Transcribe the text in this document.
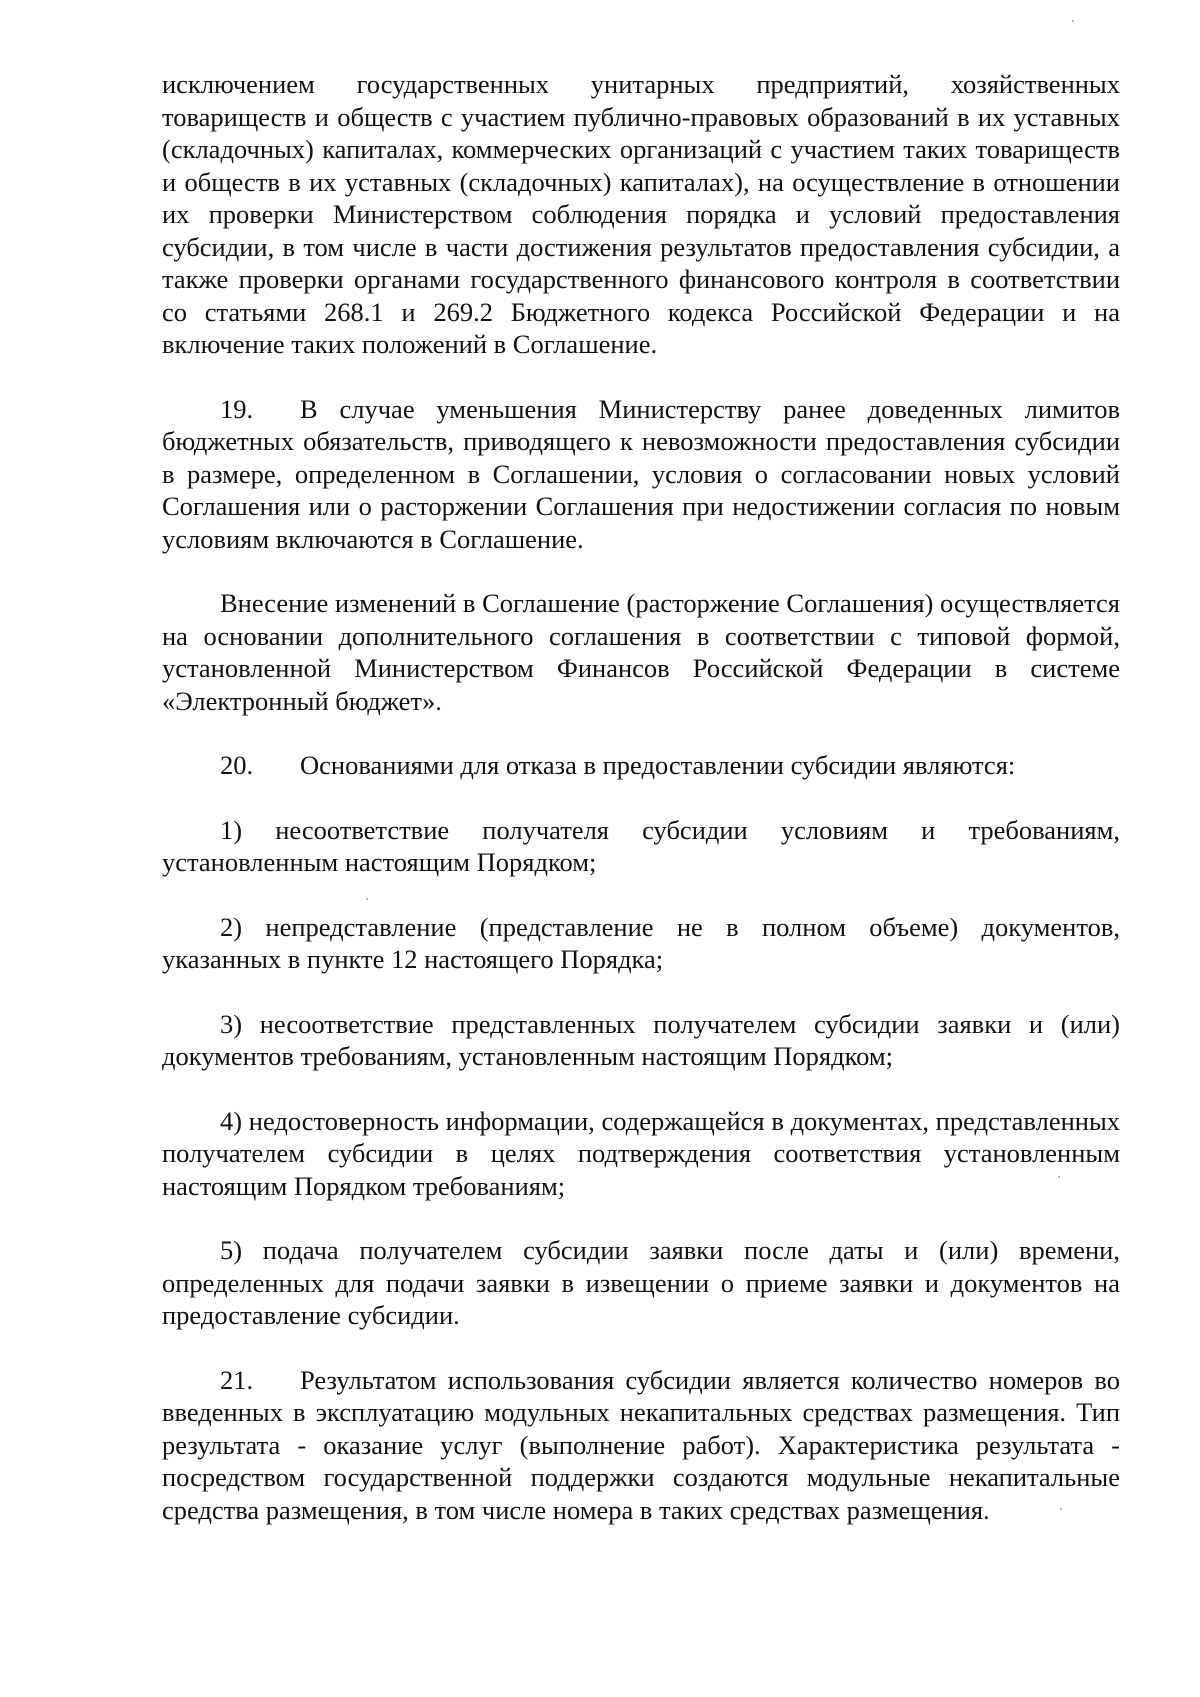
исключением государственных унитарных предприятий, хозяйственных товариществ и обществ с участием публично-правовых образований в их уставных (складочных) капиталах, коммерческих организаций с участием таких товариществ и обществ в их уставных (складочных) капиталах), на осуществление в отношении их проверки Министерством соблюдения порядка и условий предоставления субсидии, в том числе в части достижения результатов предоставления субсидии, а также проверки органами государственного финансового контроля в соответствии со статьями 268.1 и 269.2 Бюджетного кодекса Российской Федерации и на включение таких положений в Соглашение.

19. В случае уменьшения Министерству ранее доведенных лимитов бюджетных обязательств, приводящего к невозможности предоставления субсидии в размере, определенном в Соглашении, условия о согласовании новых условий Соглашения или о расторжении Соглашения при недостижении согласия по новым условиям включаются в Соглашение.

Внесение изменений в Соглашение (расторжение Соглашения) осуществляется на основании дополнительного соглашения в соответствии с типовой формой, установленной Министерством Финансов Российской Федерации в системе «Электронный бюджет».

20. Основаниями для отказа в предоставлении субсидии являются:

1) несоответствие получателя субсидии условиям и требованиям, установленным настоящим Порядком;

2) непредставление (представление не в полном объеме) документов, указанных в пункте 12 настоящего Порядка;

3) несоответствие представленных получателем субсидии заявки и (или) документов требованиям, установленным настоящим Порядком;

4) недостоверность информации, содержащейся в документах, представленных получателем субсидии в целях подтверждения соответствия установленным настоящим Порядком требованиям;

5) подача получателем субсидии заявки после даты и (или) времени, определенных для подачи заявки в извещении о приеме заявки и документов на предоставление субсидии.

21. Результатом использования субсидии является количество номеров во введенных в эксплуатацию модульных некапитальных средствах размещения. Тип результата - оказание услуг (выполнение работ). Характеристика результата - посредством государственной поддержки создаются модульные некапитальные средства размещения, в том числе номера в таких средствах размещения.
